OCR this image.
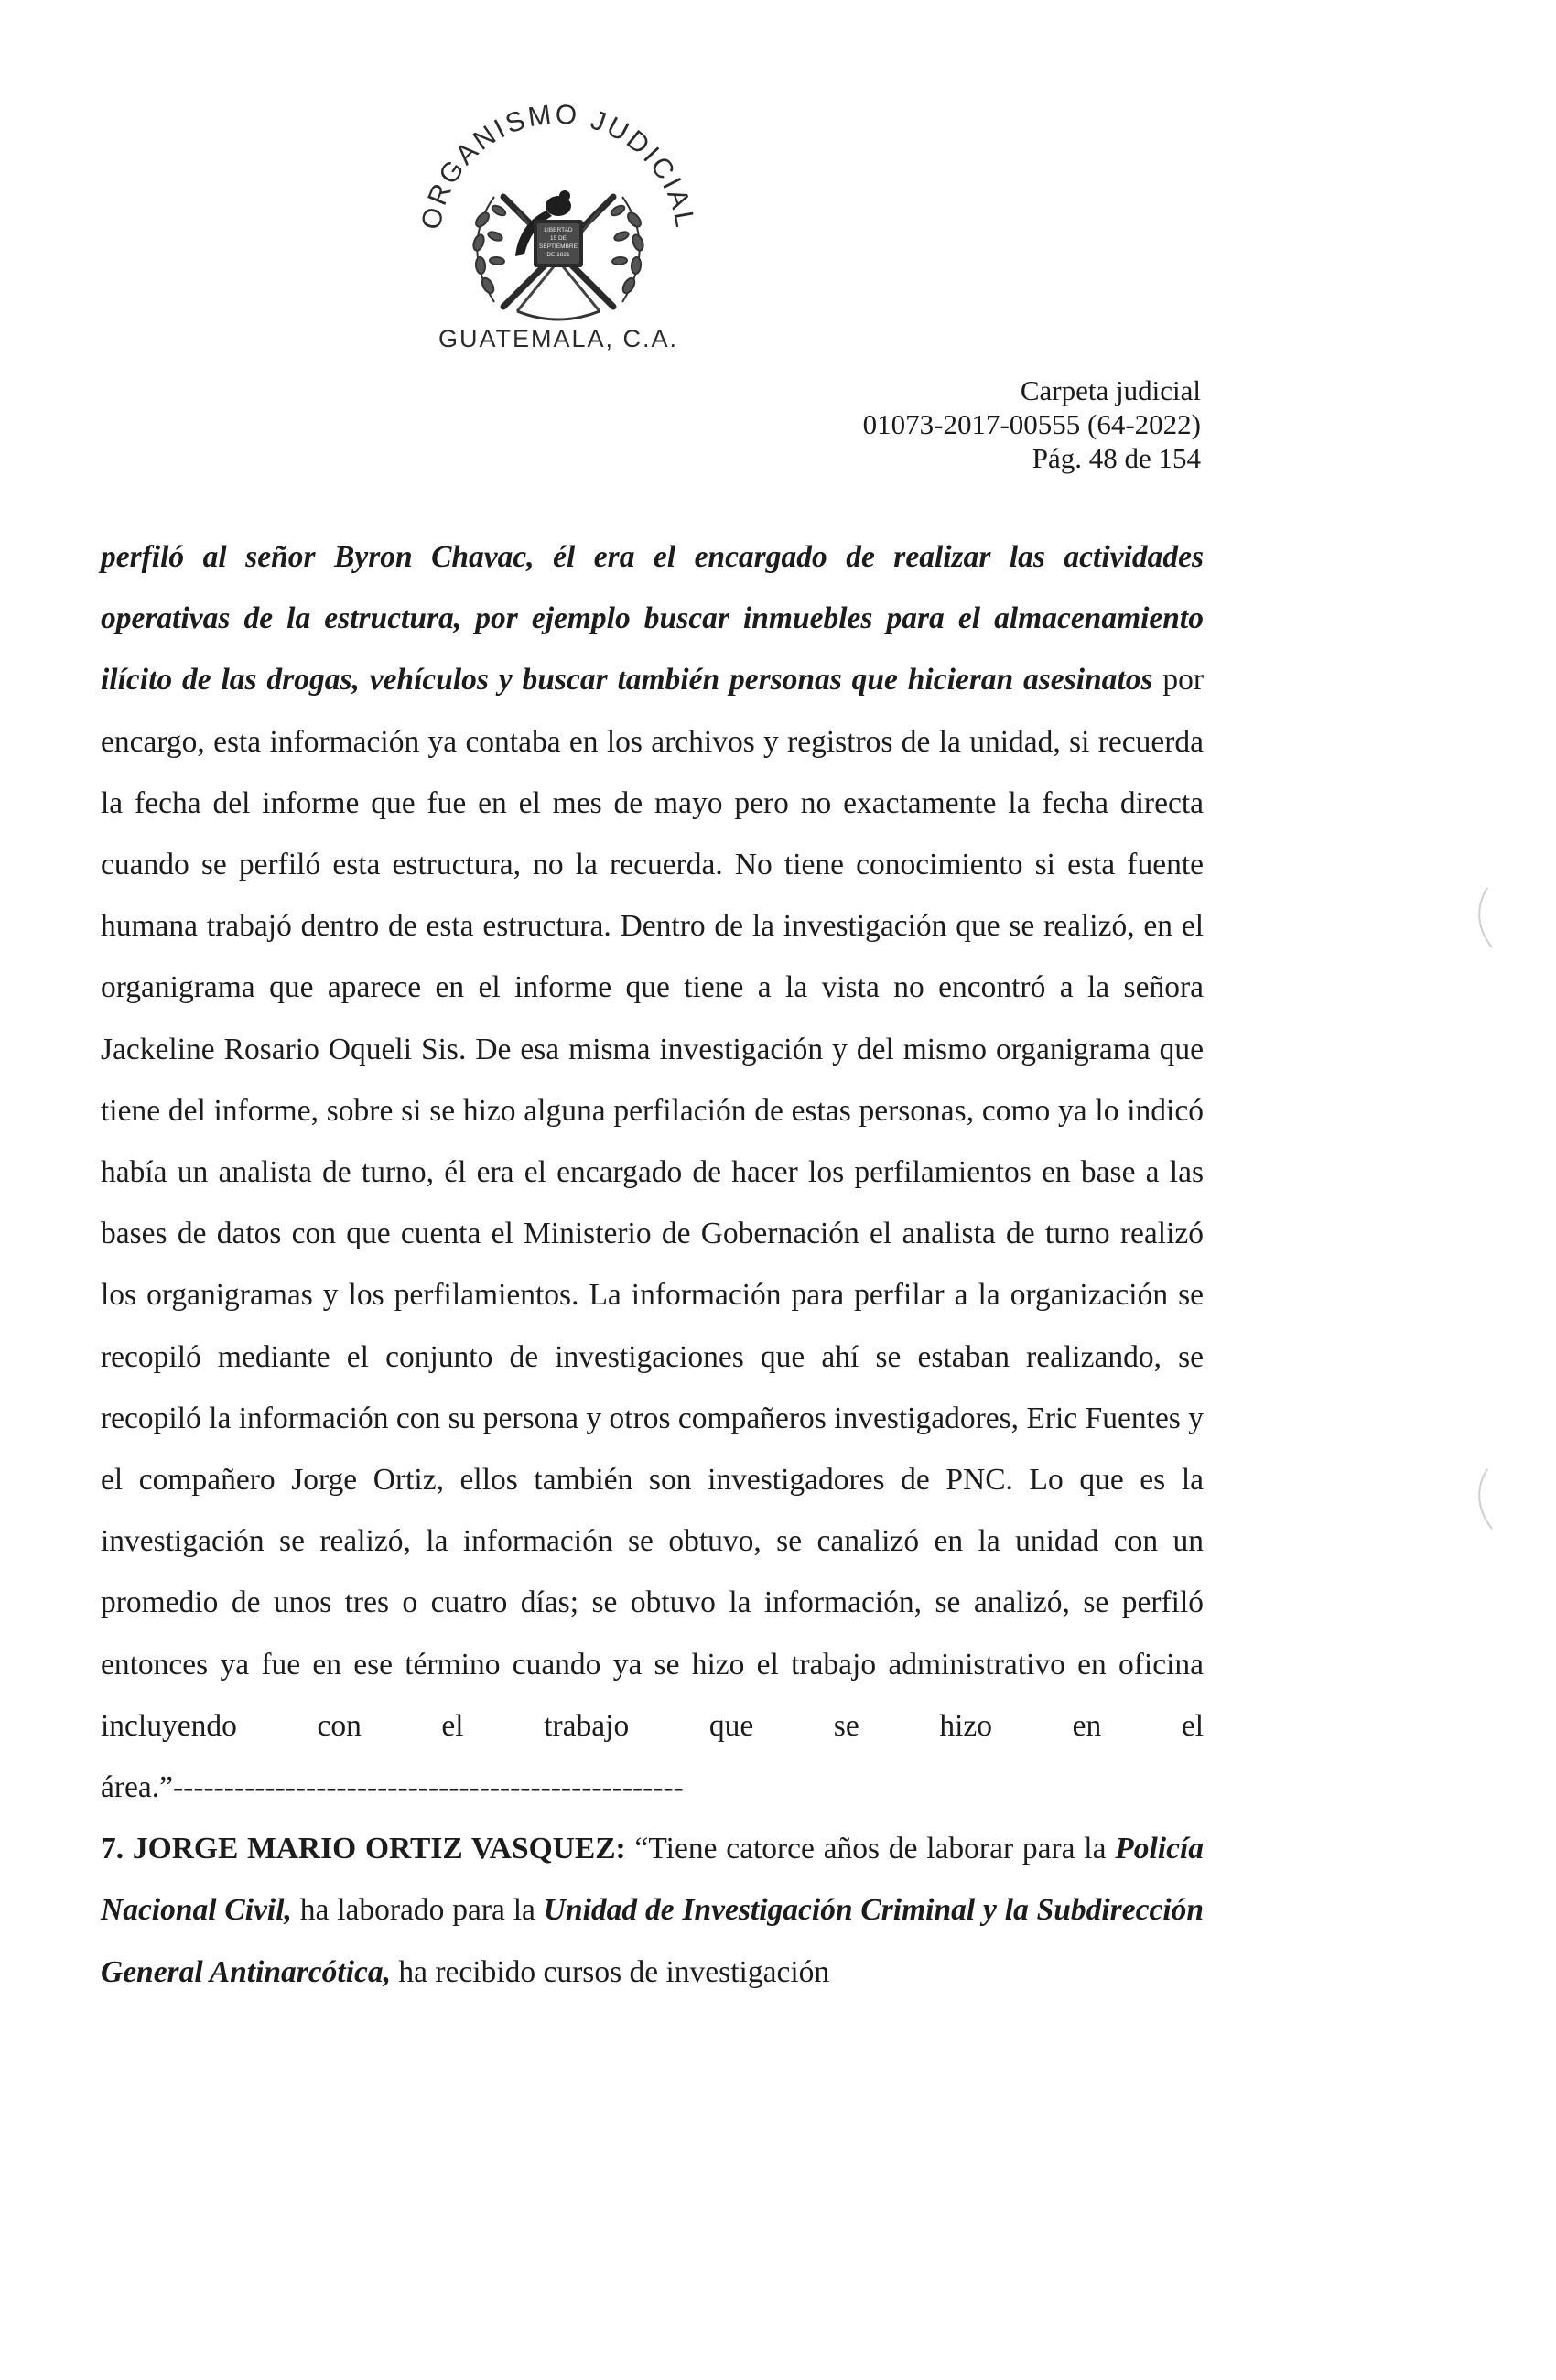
ORGANISMO JUDICIAL
LIBERTAD
15 DE
SEPTIEMBRE
DE 1821
GUATEMALA, C.A.
Carpeta judicial
01073-2017-00555 (64-2022)
Pág. 48 de 154

perfiló al señor Byron Chavac, él era el encargado de realizar las actividades operativas de la estructura, por ejemplo buscar inmuebles para el almacenamiento ilícito de las drogas, vehículos y buscar también personas que hicieran asesinatos por encargo, esta información ya contaba en los archivos y registros de la unidad, si recuerda la fecha del informe que fue en el mes de mayo pero no exactamente la fecha directa cuando se perfiló esta estructura, no la recuerda. No tiene conocimiento si esta fuente humana trabajó dentro de esta estructura. Dentro de la investigación que se realizó, en el organigrama que aparece en el informe que tiene a la vista no encontró a la señora Jackeline Rosario Oqueli Sis. De esa misma investigación y del mismo organigrama que tiene del informe, sobre si se hizo alguna perfilación de estas personas, como ya lo indicó había un analista de turno, él era el encargado de hacer los perfilamientos en base a las bases de datos con que cuenta el Ministerio de Gobernación el analista de turno realizó los organigramas y los perfilamientos. La información para perfilar a la organización se recopiló mediante el conjunto de investigaciones que ahí se estaban realizando, se recopiló la información con su persona y otros compañeros investigadores, Eric Fuentes y el compañero Jorge Ortiz, ellos también son investigadores de PNC. Lo que es la investigación se realizó, la información se obtuvo, se canalizó en la unidad con un promedio de unos tres o cuatro días; se obtuvo la información, se analizó, se perfiló entonces ya fue en ese término cuando ya se hizo el trabajo administrativo en oficina incluyendo con el trabajo que se hizo en el área.”--------------------------------------------------

7. JORGE MARIO ORTIZ VASQUEZ: “Tiene catorce años de laborar para la Policía Nacional Civil, ha laborado para la Unidad de Investigación Criminal y la Subdirección General Antinarcótica, ha recibido cursos de investigación
